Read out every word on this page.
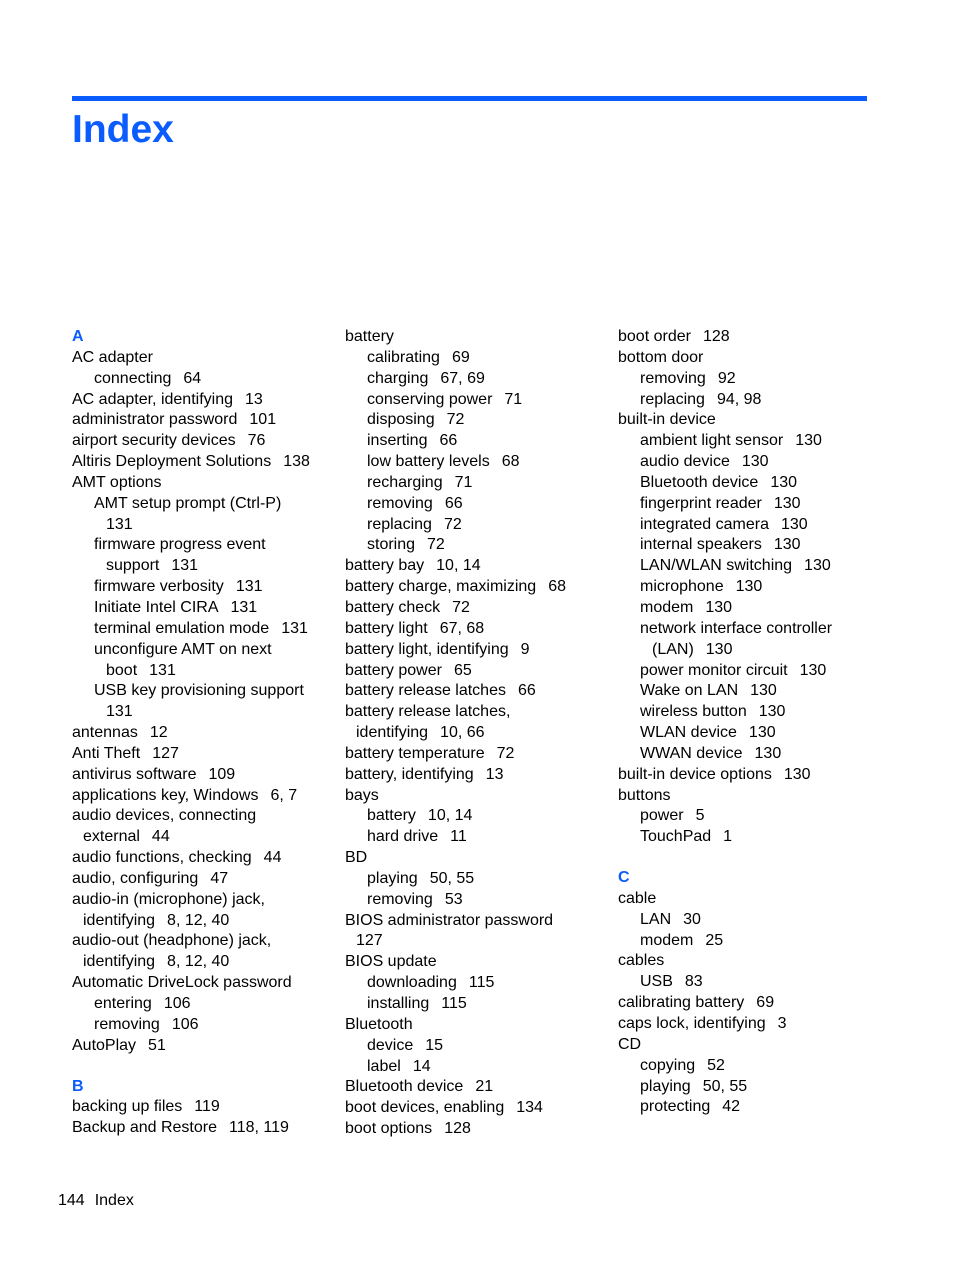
Index
A
AC adapter
connecting 64
AC adapter, identifying 13
administrator password 101
airport security devices 76
Altiris Deployment Solutions 138
AMT options
AMT setup prompt (Ctrl-P)
131
firmware progress event
support 131
firmware verbosity 131
Initiate Intel CIRA 131
terminal emulation mode 131
unconfigure AMT on next
boot 131
USB key provisioning support
131
antennas 12
Anti Theft 127
antivirus software 109
applications key, Windows 6, 7
audio devices, connecting
external 44
audio functions, checking 44
audio, configuring 47
audio-in (microphone) jack,
identifying 8, 12, 40
audio-out (headphone) jack,
identifying 8, 12, 40
Automatic DriveLock password
entering 106
removing 106
AutoPlay 51
B
backing up files 119
Backup and Restore 118, 119
battery
calibrating 69
charging 67, 69
conserving power 71
disposing 72
inserting 66
low battery levels 68
recharging 71
removing 66
replacing 72
storing 72
battery bay 10, 14
battery charge, maximizing 68
battery check 72
battery light 67, 68
battery light, identifying 9
battery power 65
battery release latches 66
battery release latches,
identifying 10, 66
battery temperature 72
battery, identifying 13
bays
battery 10, 14
hard drive 11
BD
playing 50, 55
removing 53
BIOS administrator password
127
BIOS update
downloading 115
installing 115
Bluetooth
device 15
label 14
Bluetooth device 21
boot devices, enabling 134
boot options 128
boot order 128
bottom door
removing 92
replacing 94, 98
built-in device
ambient light sensor 130
audio device 130
Bluetooth device 130
fingerprint reader 130
integrated camera 130
internal speakers 130
LAN/WLAN switching 130
microphone 130
modem 130
network interface controller
(LAN) 130
power monitor circuit 130
Wake on LAN 130
wireless button 130
WLAN device 130
WWAN device 130
built-in device options 130
buttons
power 5
TouchPad 1
C
cable
LAN 30
modem 25
cables
USB 83
calibrating battery 69
caps lock, identifying 3
CD
copying 52
playing 50, 55
protecting 42
144 Index
